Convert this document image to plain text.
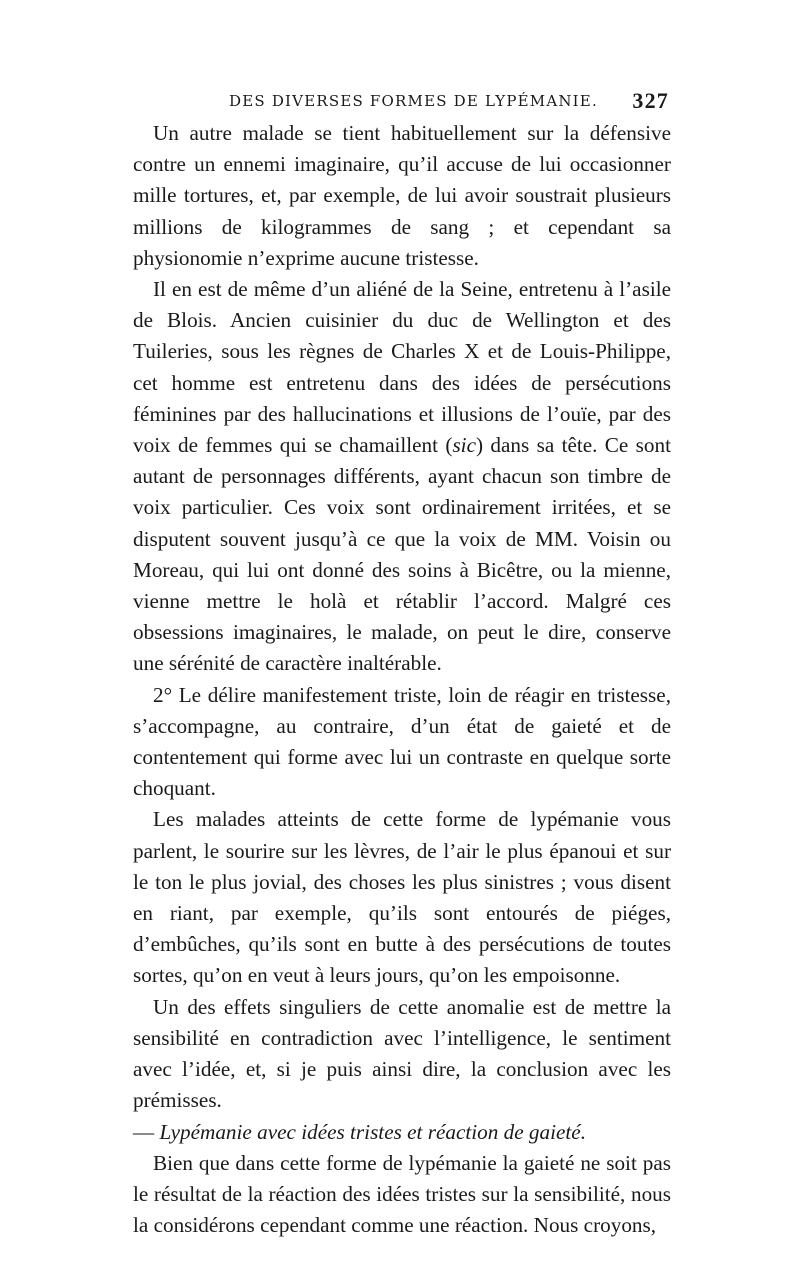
DES DIVERSES FORMES DE LYPÉMANIE. 327

Un autre malade se tient habituellement sur la défensive contre un ennemi imaginaire, qu’il accuse de lui occasionner mille tortures, et, par exemple, de lui avoir soustrait plusieurs millions de kilogrammes de sang ; et cependant sa physionomie n’exprime aucune tristesse.

Il en est de même d’un aliéné de la Seine, entretenu à l’asile de Blois. Ancien cuisinier du duc de Wellington et des Tuileries, sous les règnes de Charles X et de Louis-Philippe, cet homme est entretenu dans des idées de persécutions féminines par des hallucinations et illusions de l’ouïe, par des voix de femmes qui se chamaillent (sic) dans sa tête. Ce sont autant de personnages différents, ayant chacun son timbre de voix particulier. Ces voix sont ordinairement irritées, et se disputent souvent jusqu’à ce que la voix de MM. Voisin ou Moreau, qui lui ont donné des soins à Bicêtre, ou la mienne, vienne mettre le holà et rétablir l’accord. Malgré ces obsessions imaginaires, le malade, on peut le dire, conserve une sérénité de caractère inaltérable.

2° Le délire manifestement triste, loin de réagir en tristesse, s’accompagne, au contraire, d’un état de gaieté et de contentement qui forme avec lui un contraste en quelque sorte choquant.

Les malades atteints de cette forme de lypémanie vous parlent, le sourire sur les lèvres, de l’air le plus épanoui et sur le ton le plus jovial, des choses les plus sinistres ; vous disent en riant, par exemple, qu’ils sont entourés de piéges, d’embûches, qu’ils sont en butte à des persécutions de toutes sortes, qu’on en veut à leurs jours, qu’on les empoisonne.

Un des effets singuliers de cette anomalie est de mettre la sensibilité en contradiction avec l’intelligence, le sentiment avec l’idée, et, si je puis ainsi dire, la conclusion avec les prémisses.

— Lypémanie avec idées tristes et réaction de gaieté.

Bien que dans cette forme de lypémanie la gaieté ne soit pas le résultat de la réaction des idées tristes sur la sensibilité, nous la considérons cependant comme une réaction. Nous croyons,
